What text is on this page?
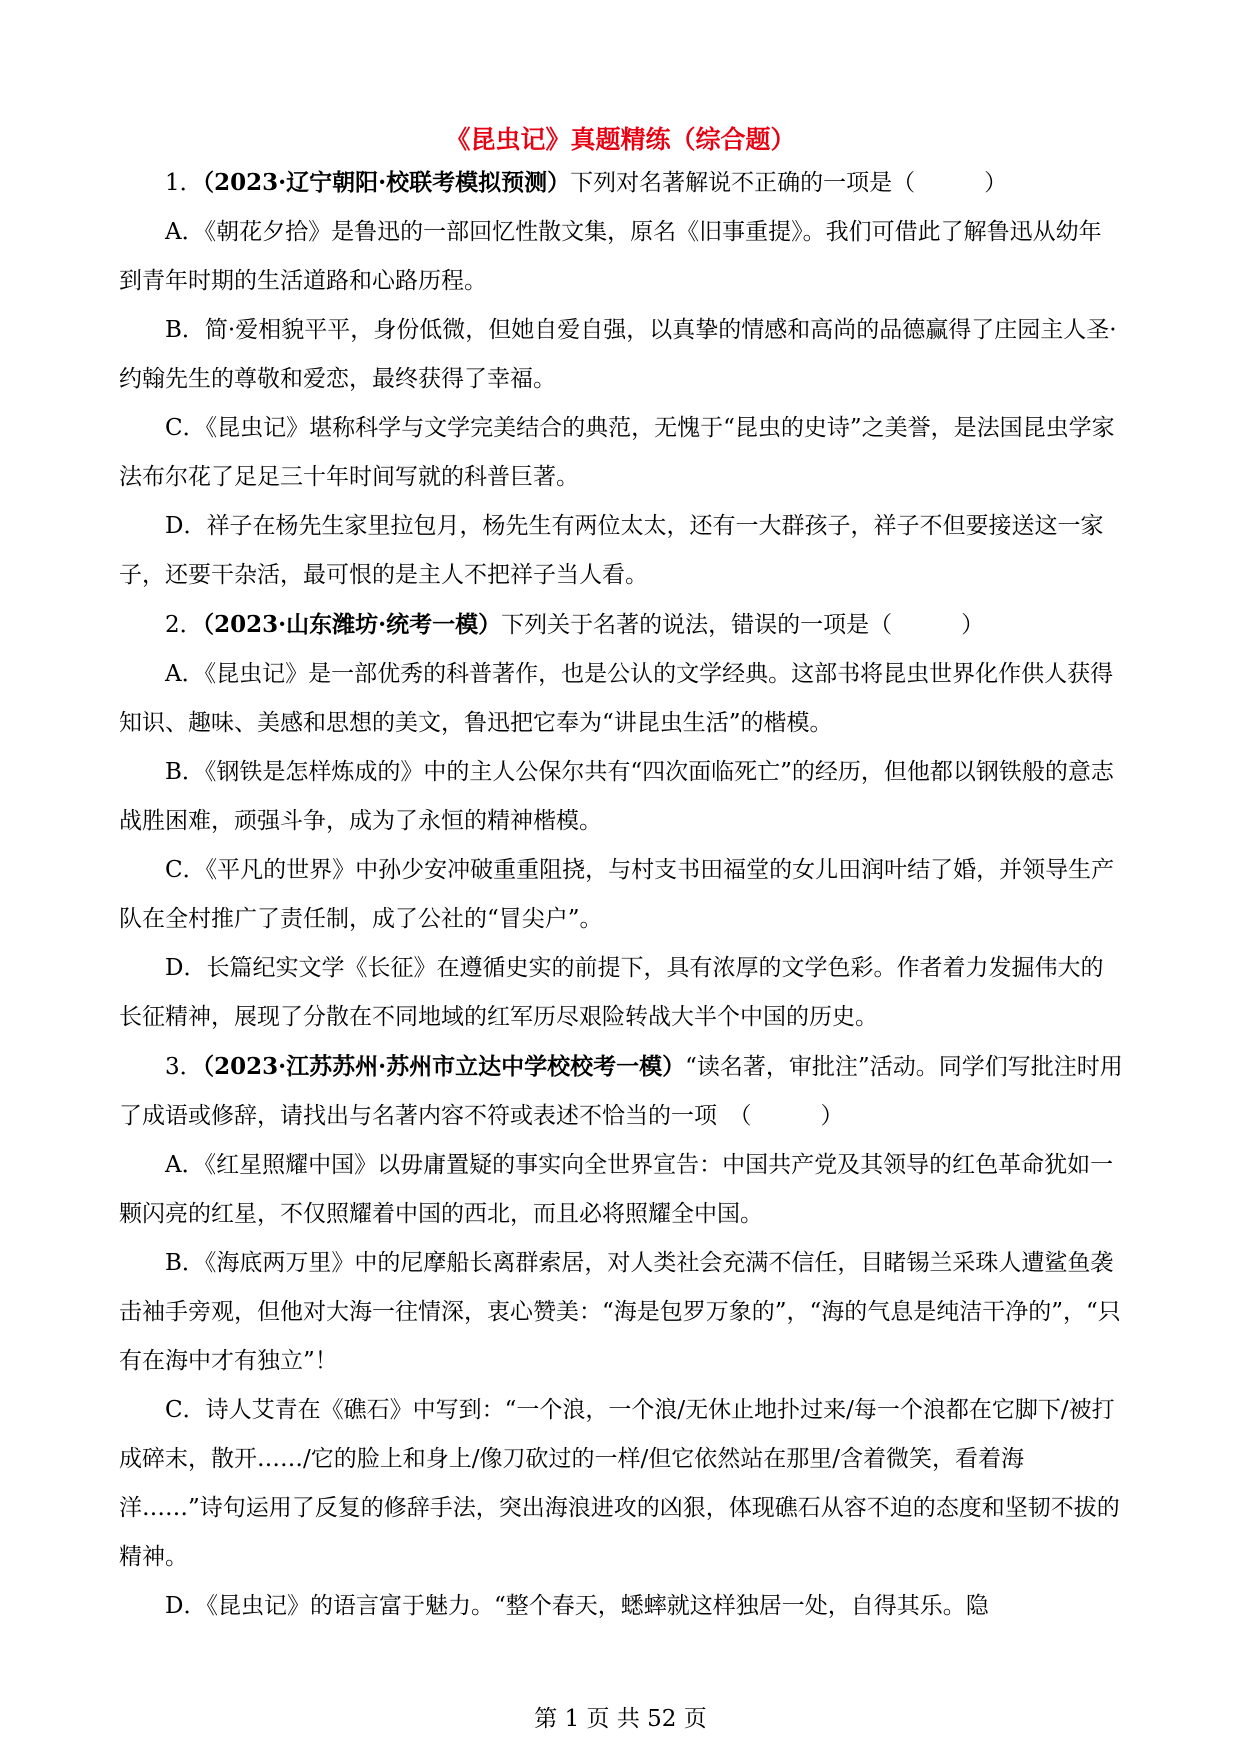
《昆虫记》真题精练（综合题）

1．（2023·辽宁朝阳·校联考模拟预测）下列对名著解说不正确的一项是（　　　）

A．《朝花夕拾》是鲁迅的一部回忆性散文集，原名《旧事重提》。我们可借此了解鲁迅从幼年到青年时期的生活道路和心路历程。

B．简·爱相貌平平，身份低微，但她自爱自强，以真挚的情感和高尚的品德赢得了庄园主人圣·约翰先生的尊敬和爱恋，最终获得了幸福。

C．《昆虫记》堪称科学与文学完美结合的典范，无愧于“昆虫的史诗”之美誉，是法国昆虫学家法布尔花了足足三十年时间写就的科普巨著。

D．祥子在杨先生家里拉包月，杨先生有两位太太，还有一大群孩子，祥子不但要接送这一家子，还要干杂活，最可恨的是主人不把祥子当人看。

2．（2023·山东潍坊·统考一模）下列关于名著的说法，错误的一项是（　　　）

A．《昆虫记》是一部优秀的科普著作，也是公认的文学经典。这部书将昆虫世界化作供人获得知识、趣味、美感和思想的美文，鲁迅把它奉为“讲昆虫生活”的楷模。

B．《钢铁是怎样炼成的》中的主人公保尔共有“四次面临死亡”的经历，但他都以钢铁般的意志战胜困难，顽强斗争，成为了永恒的精神楷模。

C．《平凡的世界》中孙少安冲破重重阻挠，与村支书田福堂的女儿田润叶结了婚，并领导生产队在全村推广了责任制，成了公社的“冒尖户”。

D．长篇纪实文学《长征》在遵循史实的前提下，具有浓厚的文学色彩。作者着力发掘伟大的长征精神，展现了分散在不同地域的红军历尽艰险转战大半个中国的历史。

3．（2023·江苏苏州·苏州市立达中学校校考一模）“读名著，审批注”活动。同学们写批注时用了成语或修辞，请找出与名著内容不符或表述不恰当的一项　（　　　）

A．《红星照耀中国》以毋庸置疑的事实向全世界宣告：中国共产党及其领导的红色革命犹如一颗闪亮的红星，不仅照耀着中国的西北，而且必将照耀全中国。

B．《海底两万里》中的尼摩船长离群索居，对人类社会充满不信任，目睹锡兰采珠人遭鲨鱼袭击袖手旁观，但他对大海一往情深，衷心赞美：“海是包罗万象的”，“海的气息是纯洁干净的”，“只有在海中才有独立”！

C．诗人艾青在《礁石》中写到：“一个浪，一个浪/无休止地扑过来/每一个浪都在它脚下/被打成碎末，散开……/它的脸上和身上/像刀砍过的一样/但它依然站在那里/含着微笑，看着海洋……”诗句运用了反复的修辞手法，突出海浪进攻的凶狠，体现礁石从容不迫的态度和坚韧不拔的精神。

D．《昆虫记》的语言富于魅力。“整个春天，蟋蟀就这样独居一处，自得其乐。隐

第 1 页 共 52 页
